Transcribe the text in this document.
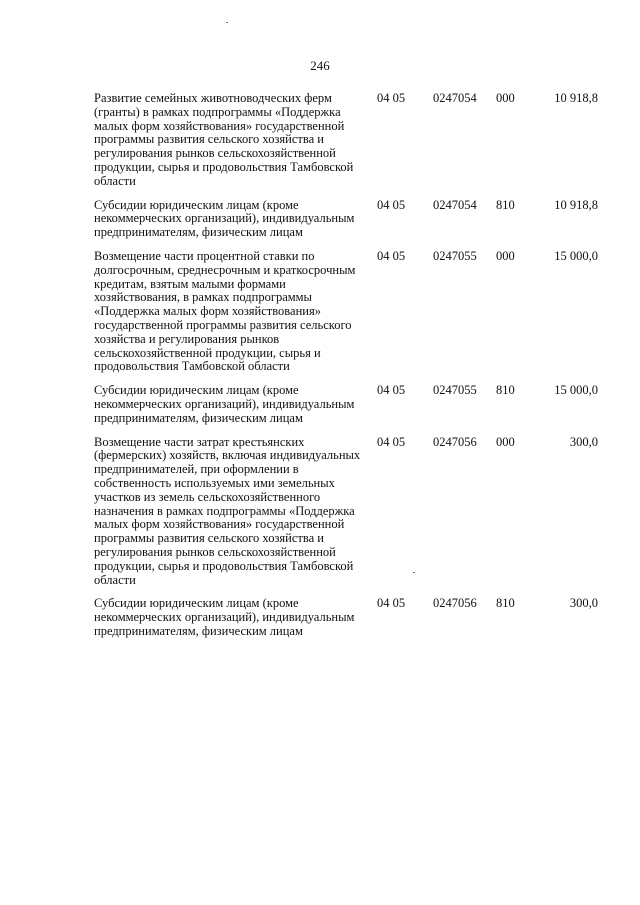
246
Развитие семейных животноводческих ферм (гранты) в рамках подпрограммы «Поддержка малых форм хозяйствования» государственной программы развития сельского хозяйства и регулирования рынков сельскохозяйственной продукции, сырья и продовольствия Тамбовской области
04 05 0247054 000	10 918,8
Субсидии юридическим лицам (кроме некоммерческих организаций), индивидуальным предпринимателям, физическим лицам
04 05 0247054 810	10 918,8
Возмещение части процентной ставки по долгосрочным, среднесрочным и краткосрочным кредитам, взятым малыми формами хозяйствования, в рамках подпрограммы «Поддержка малых форм хозяйствования» государственной программы развития сельского хозяйства и регулирования рынков сельскохозяйственной продукции, сырья и продовольствия Тамбовской области
04 05 0247055 000	15 000,0
Субсидии юридическим лицам (кроме некоммерческих организаций), индивидуальным предпринимателям, физическим лицам
04 05 0247055 810	15 000,0
Возмещение части затрат крестьянских (фермерских) хозяйств, включая индивидуальных предпринимателей, при оформлении в собственность используемых ими земельных участков из земель сельскохозяйственного назначения в рамках подпрограммы «Поддержка малых форм хозяйствования» государственной программы развития сельского хозяйства и регулирования рынков сельскохозяйственной продукции, сырья и продовольствия Тамбовской области
04 05 0247056 000	300,0
Субсидии юридическим лицам (кроме некоммерческих организаций), индивидуальным предпринимателям, физическим лицам
04 05 0247056 810	300,0
